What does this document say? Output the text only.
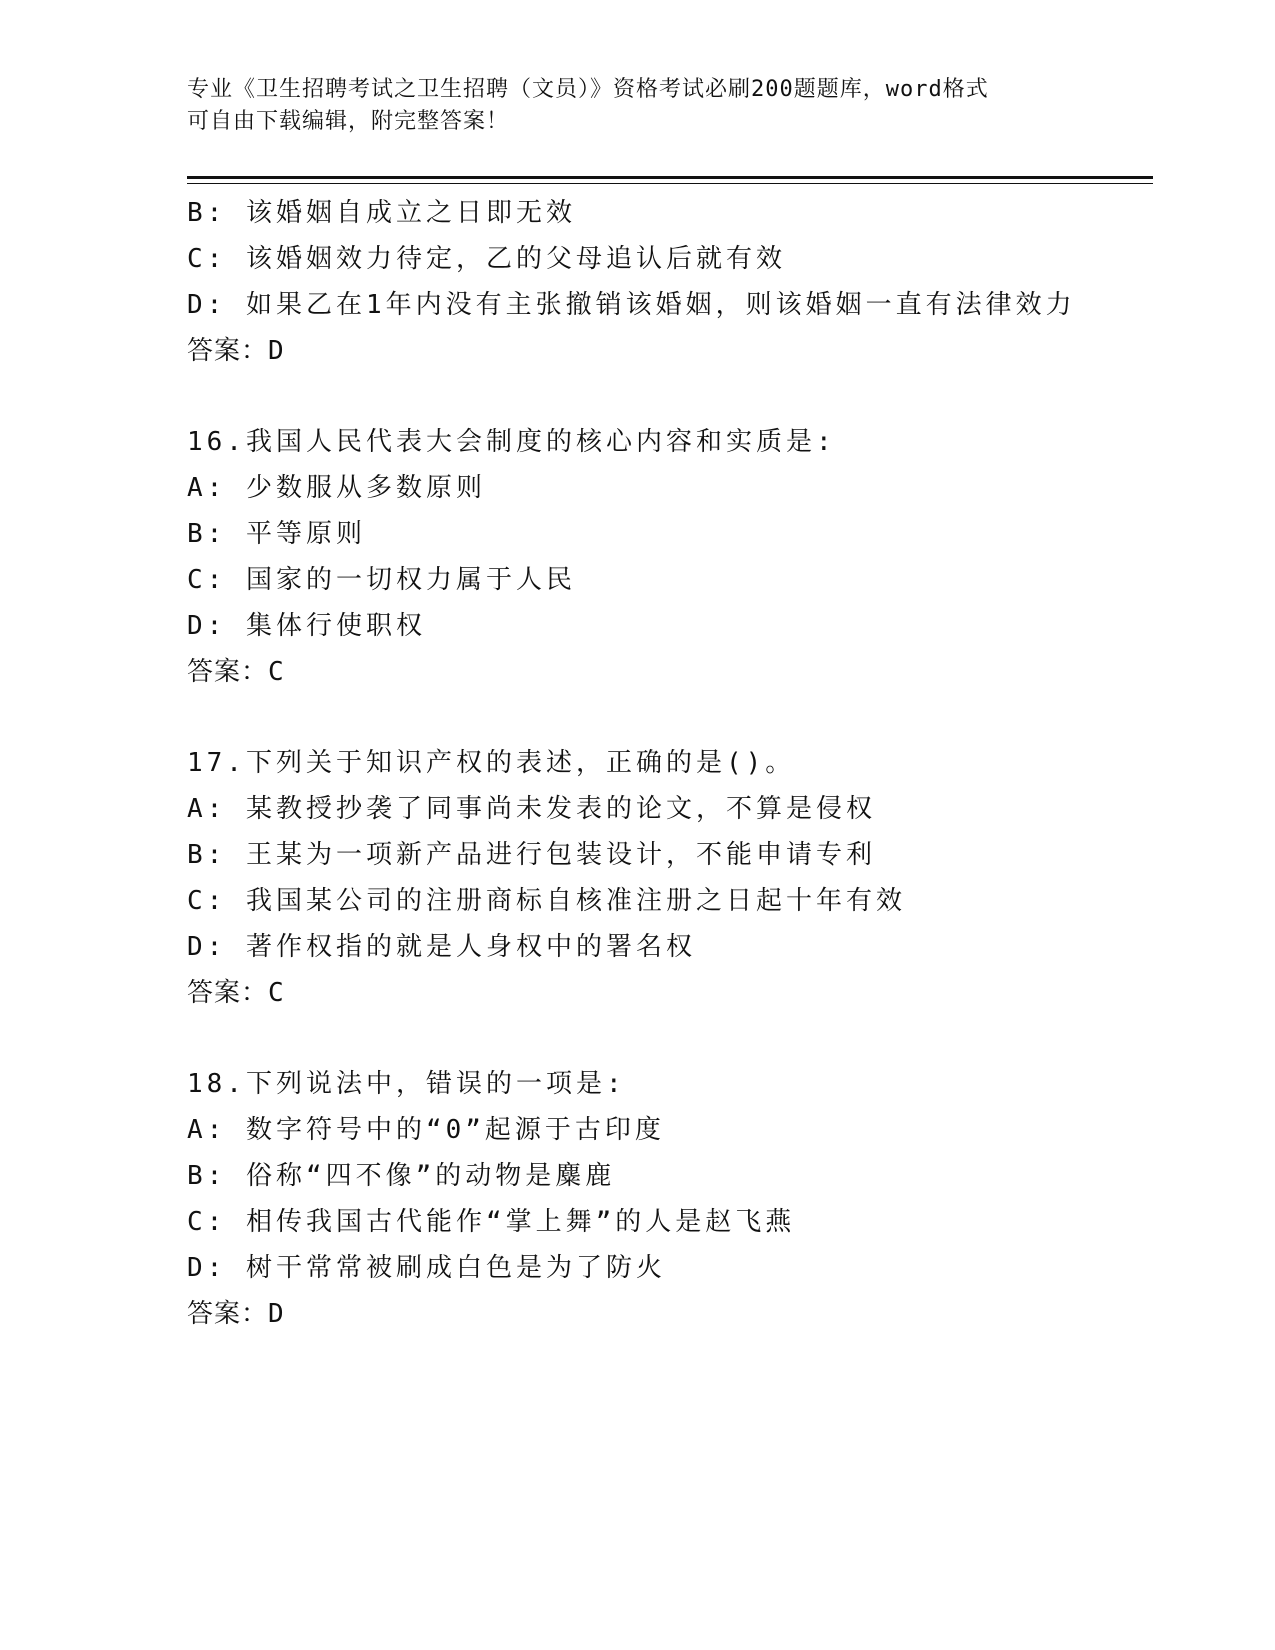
专业《卫生招聘考试之卫生招聘（文员）》资格考试必刷200题题库，word格式
可自由下载编辑，附完整答案！
B: 该婚姻自成立之日即无效
C: 该婚姻效力待定，乙的父母追认后就有效
D: 如果乙在1年内没有主张撤销该婚姻，则该婚姻一直有法律效力
答案：D
16.我国人民代表大会制度的核心内容和实质是:
A: 少数服从多数原则
B: 平等原则
C: 国家的一切权力属于人民
D: 集体行使职权
答案：C
17.下列关于知识产权的表述，正确的是()。
A: 某教授抄袭了同事尚未发表的论文，不算是侵权
B: 王某为一项新产品进行包装设计，不能申请专利
C: 我国某公司的注册商标自核准注册之日起十年有效
D: 著作权指的就是人身权中的署名权
答案：C
18.下列说法中，错误的一项是:
A: 数字符号中的“0”起源于古印度
B: 俗称“四不像”的动物是麋鹿
C: 相传我国古代能作“掌上舞”的人是赵飞燕
D: 树干常常被刷成白色是为了防火
答案：D
